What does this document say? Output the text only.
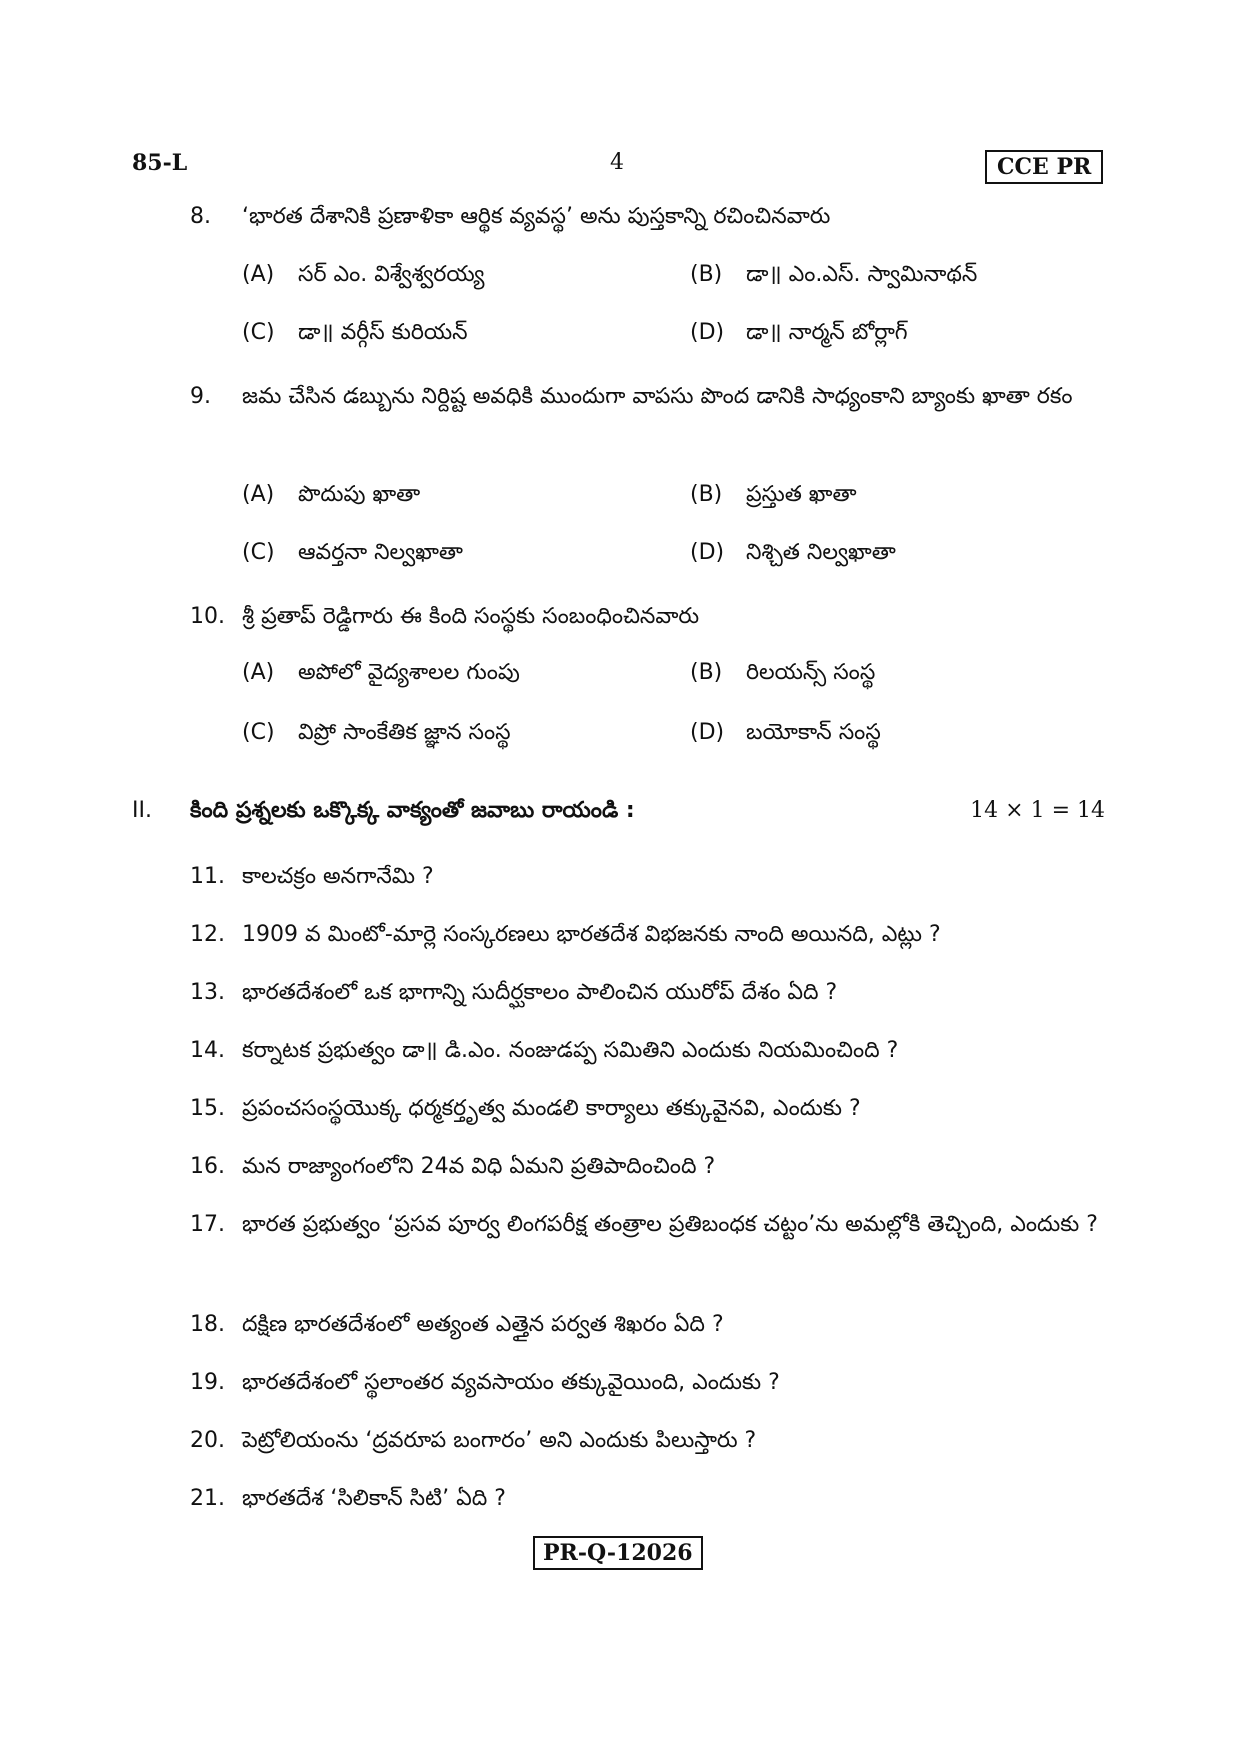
85-L	4	CCE PR
8.	‘భారత దేశానికి ప్రణాళికా ఆర్థిక వ్యవస్థ’ అను పుస్తకాన్ని రచించినవారు
(A) సర్ ఎం. విశ్వేశ్వరయ్య	(B) డా॥ ఎం.ఎస్. స్వామినాథన్
(C) డా॥ వర్గీస్ కురియన్	(D) డా॥ నార్మన్ బోర్లాగ్
9.	జమ చేసిన డబ్బును నిర్దిష్ట అవధికి ముందుగా వాపసు పొంద డానికి సాధ్యంకాని బ్యాంకు ఖాతా రకం
(A) పొదుపు ఖాతా	(B) ప్రస్తుత ఖాతా
(C) ఆవర్తనా నిల్వఖాతా	(D) నిశ్చిత నిల్వఖాతా
10. శ్రీ ప్రతాప్ రెడ్డిగారు ఈ కింది సంస్థకు సంబంధించినవారు
(A) అపోలో వైద్యశాలల గుంపు	(B) రిలయన్స్ సంస్థ
(C) విప్రో సాంకేతిక జ్ఞాన సంస్థ	(D) బయోకాన్ సంస్థ
II. కింది ప్రశ్నలకు ఒక్కొక్క వాక్యంతో జవాబు రాయండి :	14 × 1 = 14
11. కాలచక్రం అనగానేమి ?
12. 1909 వ మింటో-మార్లె సంస్కరణలు భారతదేశ విభజనకు నాంది అయినది, ఎట్లు ?
13. భారతదేశంలో ఒక భాగాన్ని సుదీర్ఘకాలం పాలించిన యురోప్ దేశం ఏది ?
14. కర్నాటక ప్రభుత్వం డా॥ డి.ఎం. నంజుడప్ప సమితిని ఎందుకు నియమించింది ?
15. ప్రపంచసంస్థయొక్క ధర్మకర్తృత్వ మండలి కార్యాలు తక్కువైనవి, ఎందుకు ?
16. మన రాజ్యాంగంలోని 24వ విధి ఏమని ప్రతిపాదించింది ?
17. భారత ప్రభుత్వం ‘ప్రసవ పూర్వ లింగపరీక్ష తంత్రాల ప్రతిబంధక చట్టం’ను అమల్లోకి తెచ్చింది, ఎందుకు ?
18. దక్షిణ భారతదేశంలో అత్యంత ఎత్తైన పర్వత శిఖరం ఏది ?
19. భారతదేశంలో స్థలాంతర వ్యవసాయం తక్కువైయింది, ఎందుకు ?
20. పెట్రోలియంను ‘ద్రవరూప బంగారం’ అని ఎందుకు పిలుస్తారు ?
21. భారతదేశ ‘సిలికాన్ సిటి’ ఏది ?
PR-Q-12026
